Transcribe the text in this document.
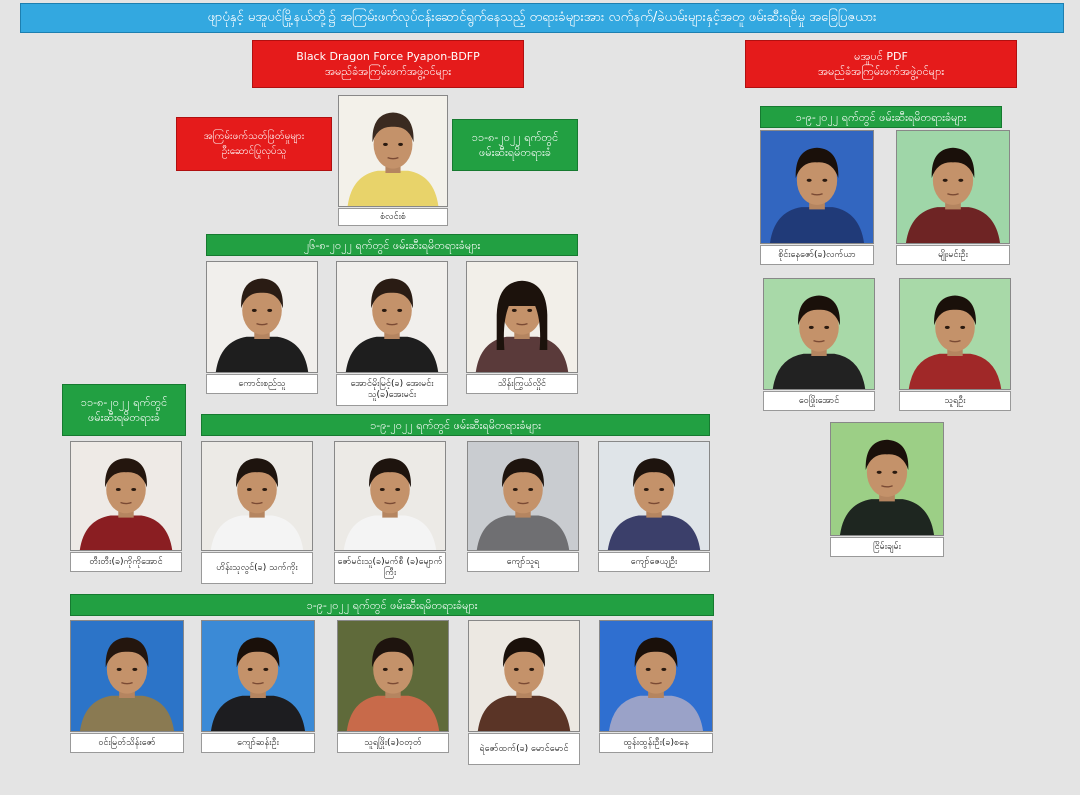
ဖျာပုံနှင့် မအူပင်မြို့နယ်တို့၌ အကြမ်းဖက်လုပ်ငန်းဆောင်ရွက်နေသည့် တရားခံများအား လက်နက်/ခဲယမ်းများနှင့်အတူ ဖမ်းဆီးရမိမှု အခြေပြဇယား
Black Dragon Force Pyapon-BDFP
အမည်ခံအကြမ်းဖက်အဖွဲ့ဝင်များ
မအူပင် PDF
အမည်ခံအကြမ်းဖက်အဖွဲ့ဝင်များ
အကြမ်းဖက်သတ်ဖြတ်မှုများ
ဦးဆောင်ပြုလုပ်သူ
၁၁-၈-၂၀၂၂ ရက်တွင်
ဖမ်းဆီးရမိတရားခံ
စံလင်းစံ
၂၆-၈-၂၀၂၂ ရက်တွင် ဖမ်းဆီးရမိတရားခံများ
ကောင်းစည်သူ	အောင်မိုးမြင့်(ခ) အေးမင်းသူ(ခ)အေးမင်း
သိန်းကြွယ်လှိုင်
၁၁-၈-၂၀၂၂ ရက်တွင်
ဖမ်းဆီးရမိတရားခံ
တီးတီး(ခ)ကိုကိုအောင်
၁-၉-၂၀၂၂ ရက်တွင် ဖမ်းဆီးရမိတရားခံများ
ဟိန်းသုလွင်(ခ) သက်ကိုး
ဇော်မင်းသူ(ခ)မက်စီ (ခ)မျောက်ကြီး
ကျော်သူရ	ကျော်ဇေယျဦး
၁-၉-၂၀၂၂ ရက်တွင် ဖမ်းဆီးရမိတရားခံများ
ဝင်းမြတ်သိန်းဇော်	ကျော်ဆန်းဦး	သူရဖြိုး(ခ)ဝတုတ်
ရဲဇော်ထက်(ခ) မောင်မောင်
ထွန်းထွန်းဦး(ခ)စနေ
၁-၉-၂၀၂၂ ရက်တွင် ဖမ်းဆီးရမိတရားခံများ
စိုင်းနေဇော်(ခ)လက်ယာ	မျိုးမင်းဦး
ဝေဖြိုးအောင်	သူရဦး
ငြိမ်းချမ်း
